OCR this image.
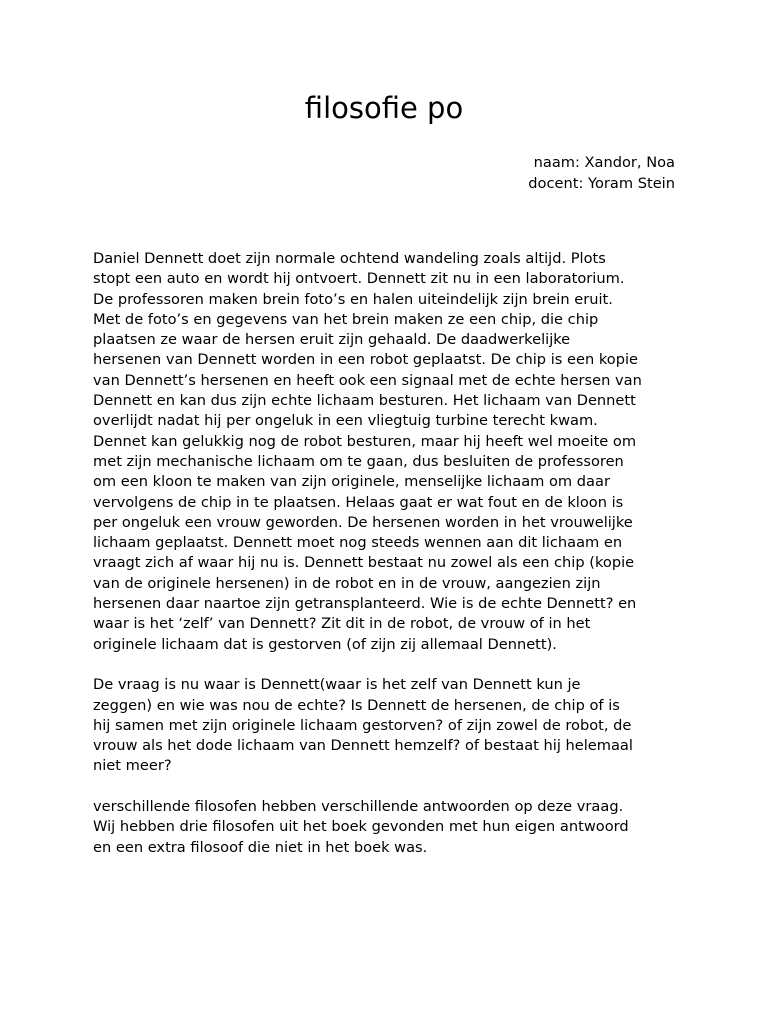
filosofie po
naam: Xandor, Noa
docent: Yoram Stein

Daniel Dennett doet zijn normale ochtend wandeling zoals altijd. Plots
stopt een auto en wordt hij ontvoert. Dennett zit nu in een laboratorium.
De professoren maken brein foto’s en halen uiteindelijk zijn brein eruit.
Met de foto’s en gegevens van het brein maken ze een chip, die chip
plaatsen ze waar de hersen eruit zijn gehaald. De daadwerkelijke
hersenen van Dennett worden in een robot geplaatst. De chip is een kopie
van Dennett’s hersenen en heeft ook een signaal met de echte hersen van
Dennett en kan dus zijn echte lichaam besturen. Het lichaam van Dennett
overlijdt nadat hij per ongeluk in een vliegtuig turbine terecht kwam.
Dennet kan gelukkig nog de robot besturen, maar hij heeft wel moeite om
met zijn mechanische lichaam om te gaan, dus besluiten de professoren
om een kloon te maken van zijn originele, menselijke lichaam om daar
vervolgens de chip in te plaatsen. Helaas gaat er wat fout en de kloon is
per ongeluk een vrouw geworden. De hersenen worden in het vrouwelijke
lichaam geplaatst. Dennett moet nog steeds wennen aan dit lichaam en
vraagt zich af waar hij nu is. Dennett bestaat nu zowel als een chip (kopie
van de originele hersenen) in de robot en in de vrouw, aangezien zijn
hersenen daar naartoe zijn getransplanteerd. Wie is de echte Dennett? en
waar is het ‘zelf’ van Dennett? Zit dit in de robot, de vrouw of in het
originele lichaam dat is gestorven (of zijn zij allemaal Dennett).

De vraag is nu waar is Dennett(waar is het zelf van Dennett kun je
zeggen) en wie was nou de echte? Is Dennett de hersenen, de chip of is
hij samen met zijn originele lichaam gestorven? of zijn zowel de robot, de
vrouw als het dode lichaam van Dennett hemzelf? of bestaat hij helemaal
niet meer?

verschillende filosofen hebben verschillende antwoorden op deze vraag.
Wij hebben drie filosofen uit het boek gevonden met hun eigen antwoord
en een extra filosoof die niet in het boek was.
